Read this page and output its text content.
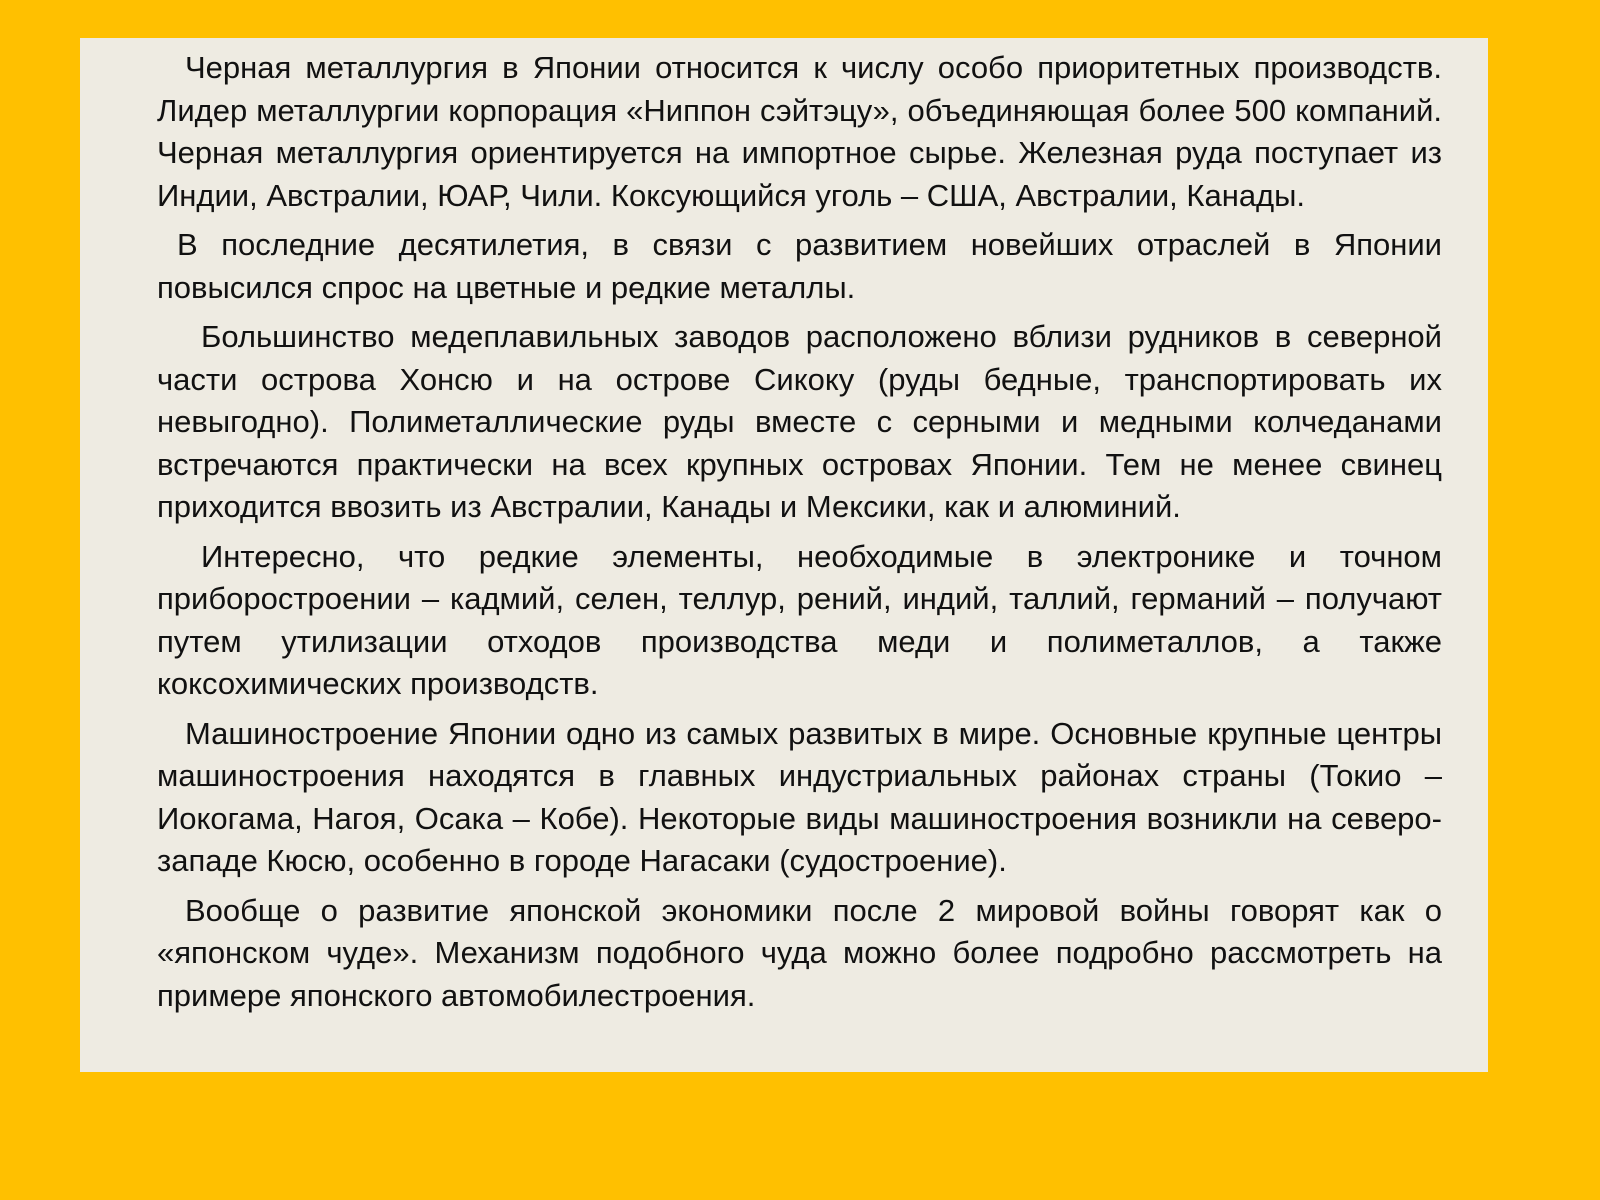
Черная металлургия в Японии относится к числу особо приоритетных производств. Лидер металлургии корпорация «Ниппон сэйтэцу», объединяющая более 500 компаний. Черная металлургия ориентируется на импортное сырье. Железная руда поступает из Индии, Австралии, ЮАР, Чили. Коксующийся уголь – США, Австралии, Канады.

В последние десятилетия, в связи с развитием новейших отраслей в Японии повысился спрос на цветные и редкие металлы.

Большинство медеплавильных заводов расположено вблизи рудников в северной части острова Хонсю и на острове Сикоку (руды бедные, транспортировать их невыгодно). Полиметаллические руды вместе с серными и медными колчеданами встречаются практически на всех крупных островах Японии. Тем не менее свинец приходится ввозить из Австралии, Канады и Мексики, как и алюминий.

Интересно, что редкие элементы, необходимые в электронике и точном приборостроении – кадмий, селен, теллур, рений, индий, таллий, германий – получают путем утилизации отходов производства меди и полиметаллов, а также коксохимических производств.

Машиностроение Японии одно из самых развитых в мире. Основные крупные центры машиностроения находятся в главных индустриальных районах страны (Токио – Иокогама, Нагоя, Осака – Кобе). Некоторые виды машиностроения возникли на северо-западе Кюсю, особенно в городе Нагасаки (судостроение).

Вообще о развитие японской экономики после 2 мировой войны говорят как о «японском чуде». Механизм подобного чуда можно более подробно рассмотреть на примере японского автомобилестроения.
